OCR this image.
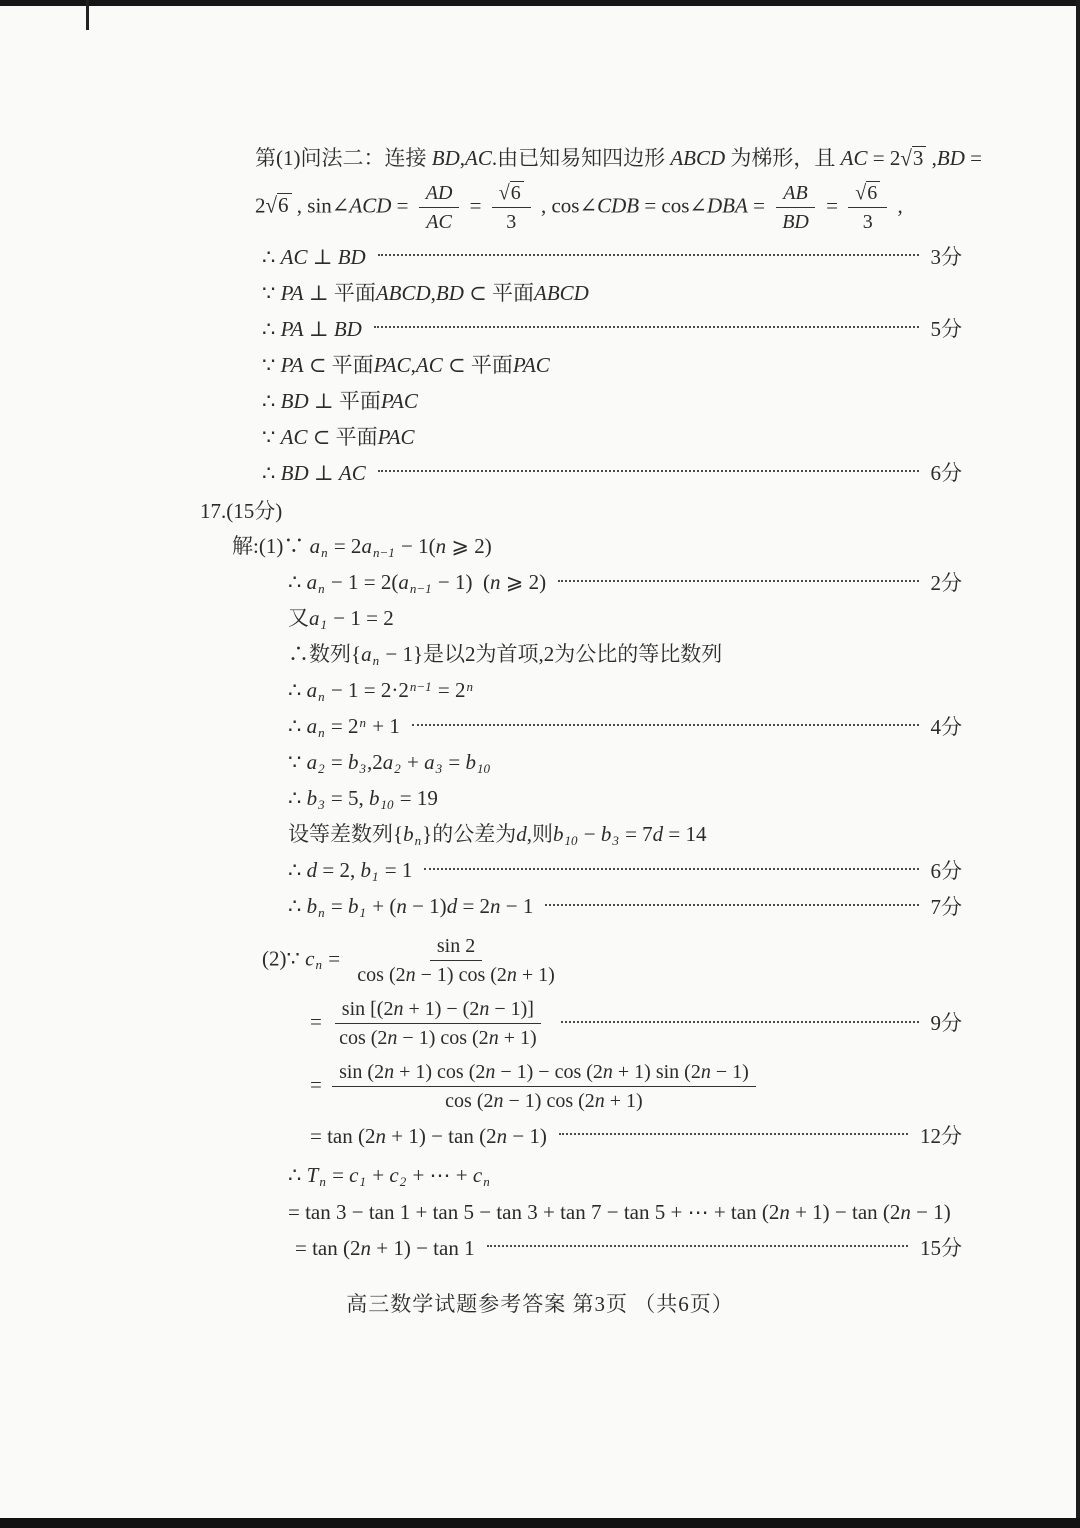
第(1)问法二：连接 BD,AC.由已知易知四边形 ABCD 为梯形，且 AC = 2√3 ,BD =
2√6 , sin∠ACD = $\frac{AD}{AC} = \frac{√6}{3}$ , cos∠CDB = cos∠DBA = $\frac{AB}{BD} = \frac{√6}{3}$ ,
∴ AC ⊥ BD	3分
∵ PA ⊥ 平面ABCD,BD ⊂ 平面ABCD
∴ PA ⊥ BD	5分
∵ PA ⊂ 平面PAC,AC ⊂ 平面PAC
∴ BD ⊥ 平面PAC
∵ AC ⊂ 平面PAC
∴ BD ⊥ AC	6分
17.(15分)
解:(1)∵ $a_n = 2a_{n-1} - 1(n$ ⩾ 2)
∴ $a_n - 1 = 2(a_{n-1} - 1)$  (n ⩾ 2)	2分
又$a_1 - 1 = 2$
∴数列$\{a_n - 1\}$是以2为首项,2为公比的等比数列
∴ $a_n - 1 = 2\cdot 2^{n-1} = 2^n$
∴ $a_n = 2^n + 1$	4分
∵ $a_2 = b_3,2a_2 + a_3 = b_{10}$
∴ $b_3 = 5$, $b_{10} = 19$
设等差数列$\{b_n\}$的公差为d,则$b_{10} - b_3 = 7d = 14$
∴ d = 2, $b_1 = 1$	6分
∴ $b_n = b_1 + (n - 1)d = 2n - 1$	7分
(2)∵ $c_n = \frac{\sin 2}{\cos (2n - 1) \cos (2n + 1)}$
= $\frac{\sin [(2n + 1) - (2n - 1)]}{\cos (2n - 1) \cos (2n + 1)}$	9分
= $\frac{\sin (2n + 1) \cos (2n - 1) - \cos (2n + 1) \sin (2n - 1)}{\cos (2n - 1) \cos (2n + 1)}$
= tan (2n + 1) − tan (2n − 1)	12分
∴ $T_n = c_1 + c_2$ + ⋯ + $c_n$
= tan 3 − tan 1 + tan 5 − tan 3 + tan 7 − tan 5 + ⋯ + tan (2n + 1) − tan (2n − 1)
= tan (2n + 1) − tan 1	15分
高三数学试题参考答案 第3页 （共6页）
